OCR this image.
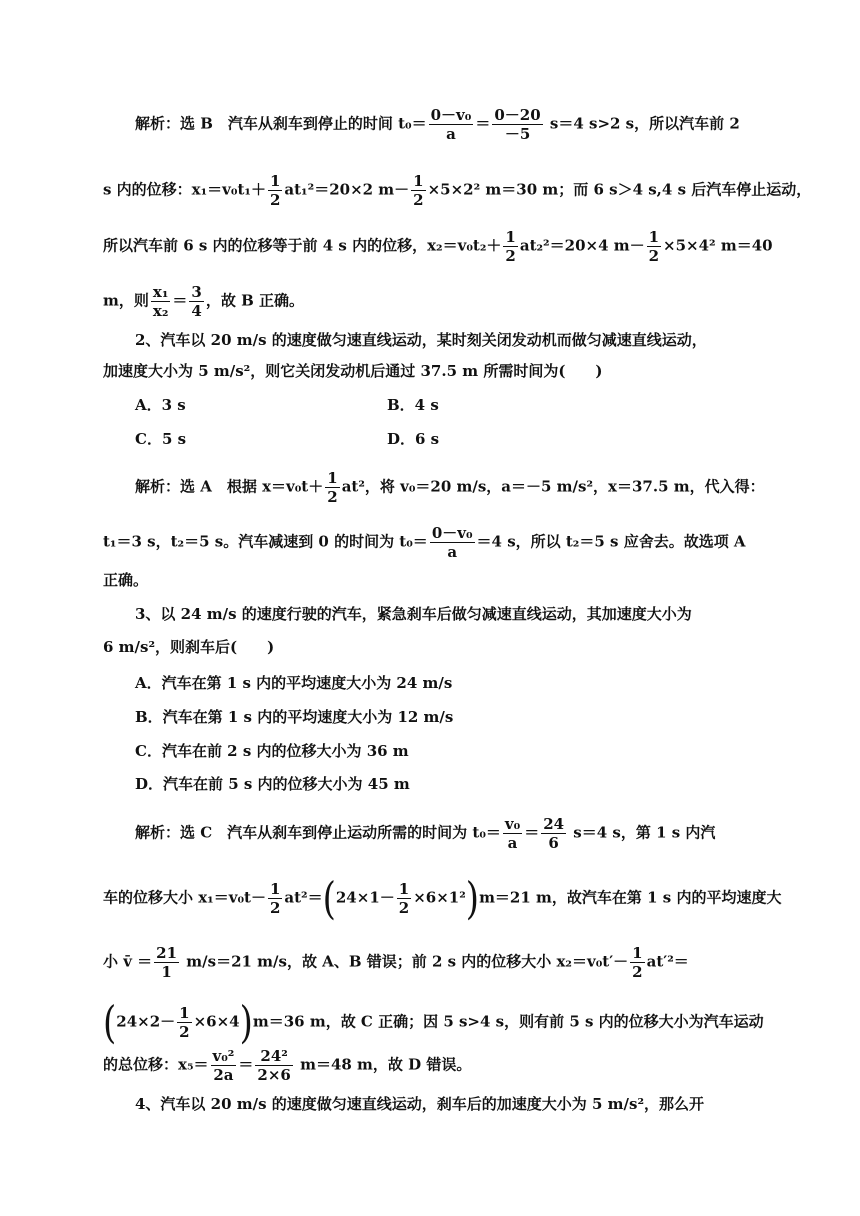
解析：选 B　汽车从刹车到停止的时间 $t_0= \frac{\text{0－v₀}}{a} = \frac{0-20}{-5} s=4$ s>2 s，所以汽车前 2
s 内的位移：$x_1=v_0t_1+ \frac{1}{2} at_1^2=20\times 2$ $m- \frac{1}{2} \times 5\times 2^2$ m＝30 m；而 6 s＞4 s,4 s 后汽车停止运动，
所以汽车前 6 s 内的位移等于前 4 s 内的位移，$x_2=v_0t_2+ \frac{1}{2} at_2^2=20\times 4$ $m- \frac{1}{2} \times 5\times 4^2$ m＝40
m，则 $\frac{\text{x₁}}{\text{x₂}} = \frac{3}{4}$ ，故 B 正确。
2、汽车以 20 m/s 的速度做匀速直线运动，某时刻关闭发动机而做匀减速直线运动，
加速度大小为 5 m/s²，则它关闭发动机后通过 37.5 m 所需时间为(　　)
A．3 s	B．4 s
C．5 s	D．6 s
解析：选 A　根据 $x=v_0t+ \frac{1}{2} at^2$，将 v₀＝20 m/s，a＝－5 m/s²，x＝37.5 m，代入得：
t₁＝3 s，t₂＝5 s。汽车减速到 0 的时间为 $t_0= \frac{\text{0－v₀}}{a} =4$ s，所以 t₂＝5 s 应舍去。故选项 A
正确。
3、以 24 m/s 的速度行驶的汽车，紧急刹车后做匀减速直线运动，其加速度大小为
6 m/s²，则刹车后(　　)
A．汽车在第 1 s 内的平均速度大小为 24 m/s
B．汽车在第 1 s 内的平均速度大小为 12 m/s
C．汽车在前 2 s 内的位移大小为 36 m
D．汽车在前 5 s 内的位移大小为 45 m
解析：选 C　汽车从刹车到停止运动所需的时间为 $t_0= \frac{\text{v₀}}{a} = \frac{24}{6} s=4$ s，第 1 s 内汽
车的位移大小 $x_1=v_0t- \frac{1}{2} at^2=(24\times 1- \frac{1}{2} \times 6\times 1^2)m=21$ m，故汽车在第 1 s 内的平均速度大
小 v̄ ＝ $\frac{21}{1} m/s=21$ m/s，故 A、B 错误；前 2 s 内的位移大小 $x_2=v_0t'- \frac{1}{2} at'^2=$
$(24\times 2- \frac{1}{2} \times 6\times 4)m=36$ m，故 C 正确；因 5 s>4 s，则有前 5 s 内的位移大小为汽车运动
的总位移：$x_5= \frac{\text{v₀²}}{2a} = \frac{\text{24²}}{2\times 6} m=48$ m，故 D 错误。
4、汽车以 20 m/s 的速度做匀速直线运动，刹车后的加速度大小为 5 m/s²，那么开
